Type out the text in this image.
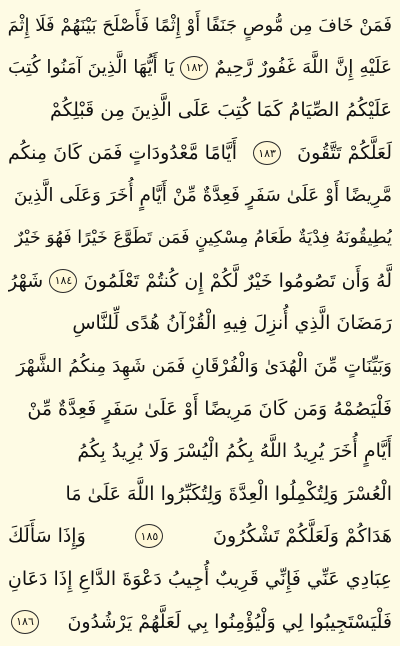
فَمَنْ خَافَ مِن مُّوصٍ جَنَفًا أَوْ إِثْمًا فَأَصْلَحَ بَيْنَهُمْ فَلَا إِثْمَ
عَلَيْهِ إِنَّ اللَّهَ غَفُورٌ رَّحِيمٌ
١٨٢
يَا أَيُّهَا الَّذِينَ آمَنُوا كُتِبَ
عَلَيْكُمُ الصِّيَامُ كَمَا كُتِبَ عَلَى الَّذِينَ مِن قَبْلِكُمْ
لَعَلَّكُمْ تَتَّقُونَ
١٨٣
أَيَّامًا مَّعْدُودَاتٍ فَمَن كَانَ مِنكُم
مَّرِيضًا أَوْ عَلَىٰ سَفَرٍ فَعِدَّةٌ مِّنْ أَيَّامٍ أُخَرَ وَعَلَى الَّذِينَ
يُطِيقُونَهُ فِدْيَةٌ طَعَامُ مِسْكِينٍ فَمَن تَطَوَّعَ خَيْرًا فَهُوَ خَيْرٌ
لَّهُ وَأَن تَصُومُوا خَيْرٌ لَّكُمْ إِن كُنتُمْ تَعْلَمُونَ
١٨٤
شَهْرُ
رَمَضَانَ الَّذِي أُنزِلَ فِيهِ الْقُرْآنُ هُدًى لِّلنَّاسِ
وَبَيِّنَاتٍ مِّنَ الْهُدَىٰ وَالْفُرْقَانِ فَمَن شَهِدَ مِنكُمُ الشَّهْرَ
فَلْيَصُمْهُ وَمَن كَانَ مَرِيضًا أَوْ عَلَىٰ سَفَرٍ فَعِدَّةٌ مِّنْ
أَيَّامٍ أُخَرَ يُرِيدُ اللَّهُ بِكُمُ الْيُسْرَ وَلَا يُرِيدُ بِكُمُ
الْعُسْرَ وَلِتُكْمِلُوا الْعِدَّةَ وَلِتُكَبِّرُوا اللَّهَ عَلَىٰ مَا
هَدَاكُمْ وَلَعَلَّكُمْ تَشْكُرُونَ
١٨٥
وَإِذَا سَأَلَكَ
عِبَادِي عَنِّي فَإِنِّي قَرِيبٌ أُجِيبُ دَعْوَةَ الدَّاعِ إِذَا دَعَانِ
فَلْيَسْتَجِيبُوا لِي وَلْيُؤْمِنُوا بِي لَعَلَّهُمْ يَرْشُدُونَ
١٨٦
